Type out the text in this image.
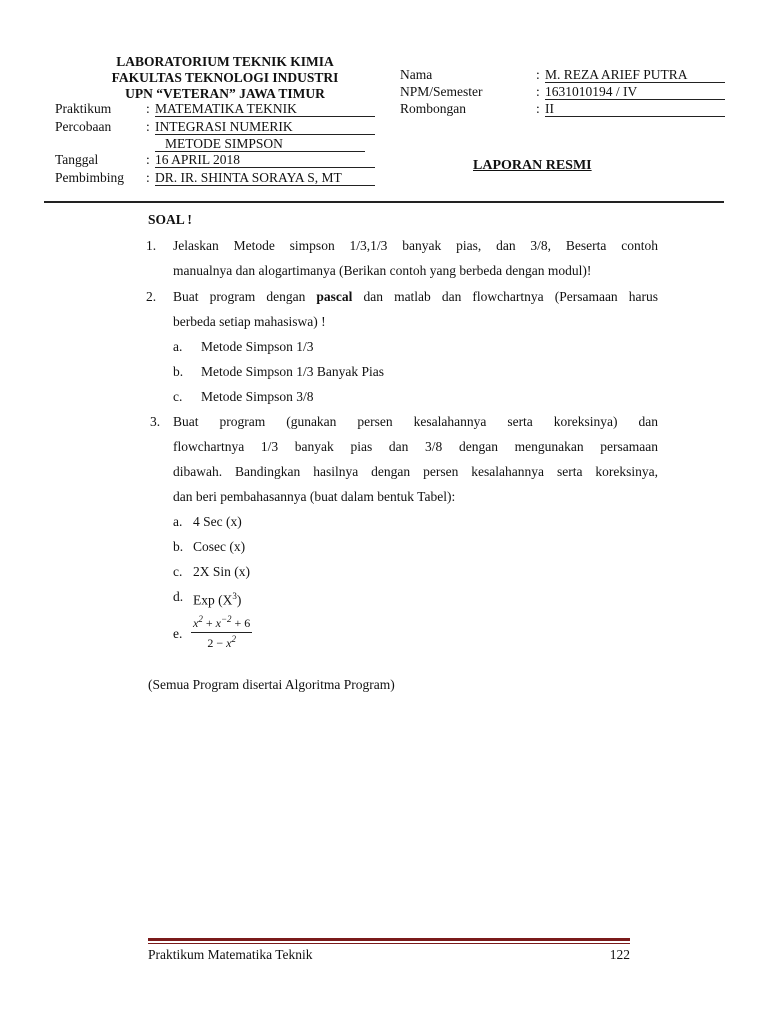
LABORATORIUM TEKNIK KIMIA
FAKULTAS TEKNOLOGI INDUSTRI
UPN “VETERAN” JAWA TIMUR
Praktikum	: MATEMATIKA TEKNIK
Percobaan	: INTEGRASI NUMERIK
METODE SIMPSON
Tanggal	: 16 APRIL 2018
Pembimbing : DR. IR. SHINTA SORAYA S, MT
Nama	: M. REZA ARIEF PUTRA
NPM/Semester	: 1631010194 / IV
Rombongan	: II
LAPORAN RESMI
SOAL !
1. Jelaskan Metode simpson 1/3,1/3 banyak pias, dan 3/8, Beserta contoh
manualnya dan alogartimanya (Berikan contoh yang berbeda dengan modul)!
2. Buat program dengan pascal dan matlab dan flowchartnya (Persamaan harus
berbeda setiap mahasiswa) !
a. Metode Simpson 1/3
b. Metode Simpson 1/3 Banyak Pias
c. Metode Simpson 3/8
3. Buat program (gunakan persen kesalahannya serta koreksinya) dan
flowchartnya 1/3 banyak pias dan 3/8 dengan mengunakan persamaan
dibawah. Bandingkan hasilnya dengan persen kesalahannya serta koreksinya,
dan beri pembahasannya (buat dalam bentuk Tabel):
a. 4 Sec (x)
b. Cosec (x)
c. 2X Sin (x)
d. Exp $(X^3)$
e. $\frac{x^2 + x^{-2} + 6}{2 - x^2}$
(Semua Program disertai Algoritma Program)
Praktikum Matematika Teknik	122
